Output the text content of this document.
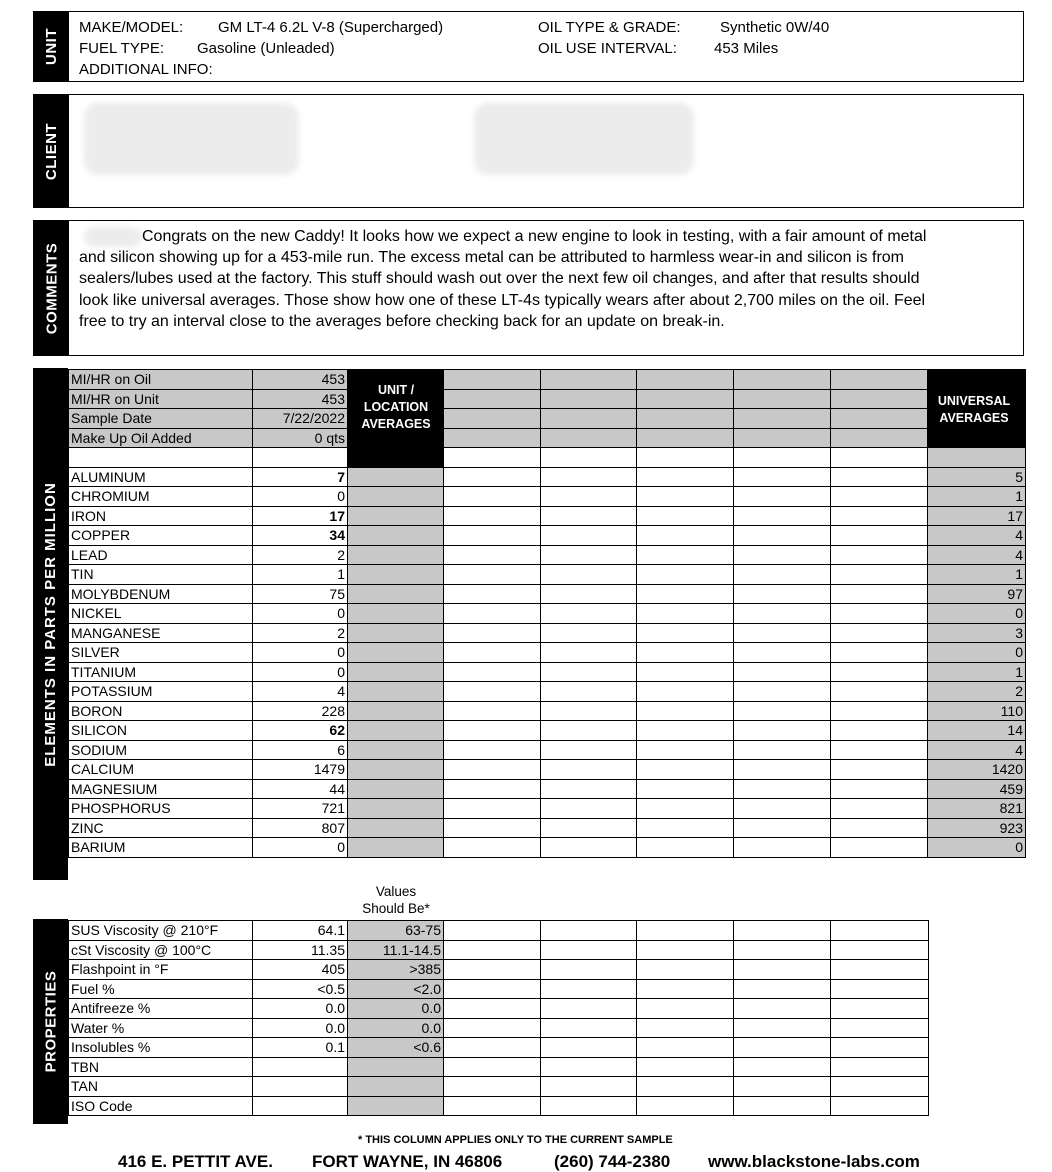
UNIT
MAKE/MODEL: GM LT-4 6.2L V-8 (Supercharged)
FUEL TYPE: Gasoline (Unleaded)
ADDITIONAL INFO:
OIL TYPE & GRADE:	Synthetic 0W/40
OIL USE INTERVAL: 453 Miles
CLIENT
COMMENTS
Congrats on the new Caddy! It looks how we expect a new engine to look in testing, with a fair amount of metal and silicon showing up for a 453-mile run. The excess metal can be attributed to harmless wear-in and silicon is from sealers/lubes used at the factory. This stuff should wash out over the next few oil changes, and after that results should look like universal averages. Those show how one of these LT-4s typically wears after about 2,700 miles on the oil. Feel free to try an interval close to the averages before checking back for an update on break-in.
ELEMENTS IN PARTS PER MILLION
MI/HR on Oil	453							
MI/HR on Unit	453							
Sample Date	7/22/2022							
Make Up Oil Added	0 qts							

ALUMINUM	7							5
CHROMIUM	0							1
IRON	17							17
COPPER	34							4
LEAD	2							4
TIN	1							1
MOLYBDENUM	75							97
NICKEL	0							0
MANGANESE	2							3
SILVER	0							0
TITANIUM	0							1
POTASSIUM	4							2
BORON	228							110
SILICON	62							14
SODIUM	6							4
CALCIUM	1479							1420
MAGNESIUM	44							459
PHOSPHORUS	721							821
ZINC	807							923
BARIUM	0							0
UNIT / LOCATION AVERAGES
UNIVERSAL AVERAGES
Values
Should Be*
PROPERTIES
SUS Viscosity @ 210°F	64.1	63-75					
cSt Viscosity @ 100°C	11.35	11.1-14.5					
Flashpoint in °F	405	>385					
Fuel %	<0.5	<2.0					
Antifreeze %	0.0	0.0					
Water %	0.0	0.0					
Insolubles %	0.1	<0.6					
TBN							
TAN							
ISO Code							
* THIS COLUMN APPLIES ONLY TO THE CURRENT SAMPLE
416 E. PETTIT AVE. FORT WAYNE, IN 46806	(260) 744-2380 www.blackstone-labs.com
